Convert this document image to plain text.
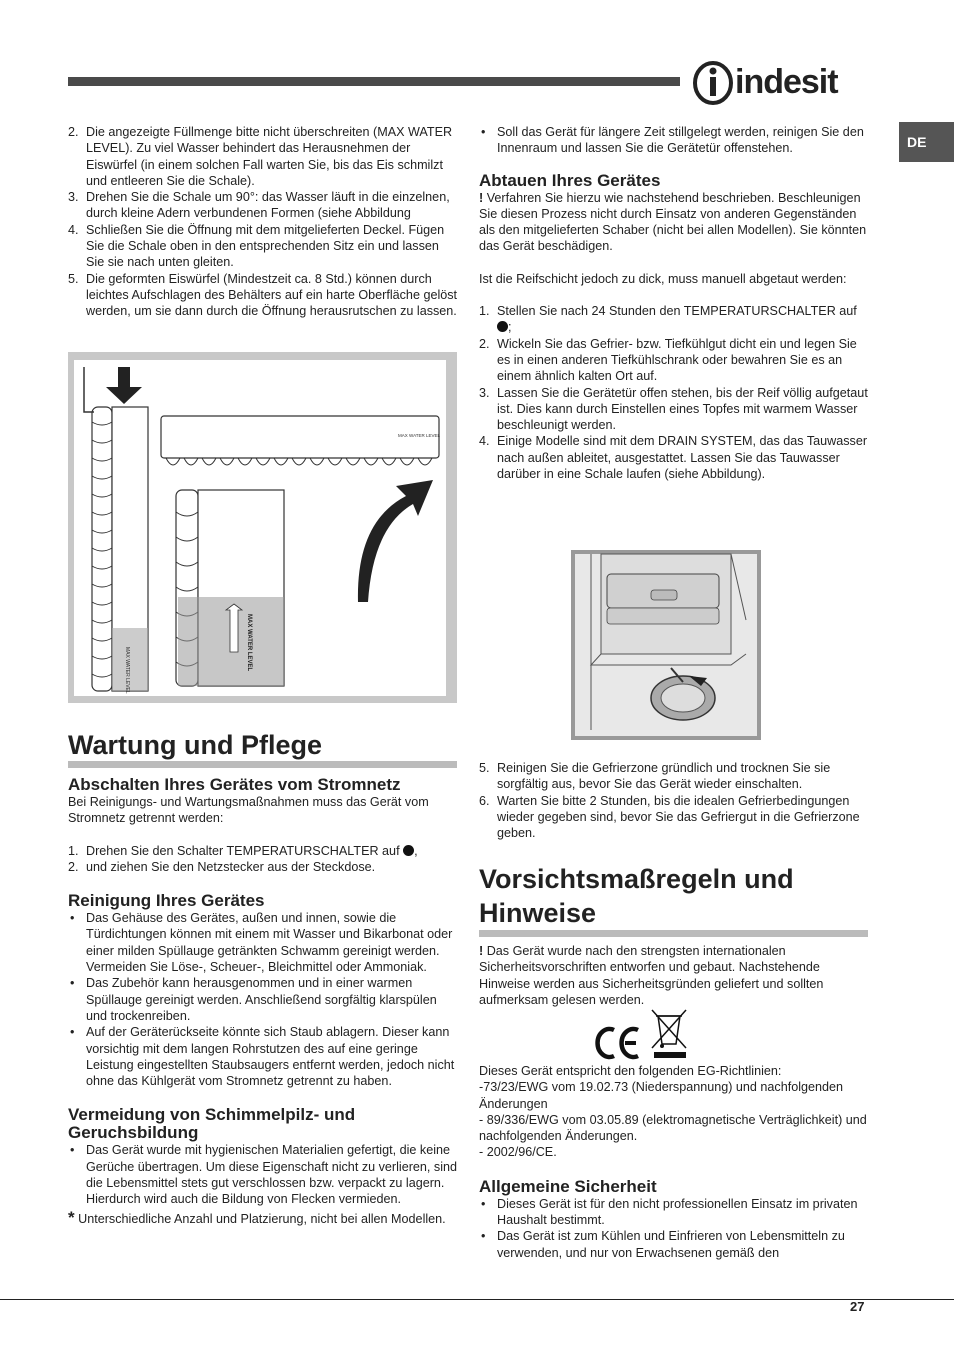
indesit
DE
2. Die angezeigte Füllmenge bitte nicht überschreiten (MAX WATER LEVEL). Zu viel Wasser behindert das Herausnehmen der Eiswürfel (in einem solchen Fall warten Sie, bis das Eis schmilzt und entleeren Sie die Schale).
3. Drehen Sie die Schale um 90°: das Wasser läuft in die einzelnen, durch kleine Adern verbundenen Formen (siehe Abbildung
4. Schließen Sie die Öffnung mit dem mitgelieferten Deckel. Fügen Sie die Schale oben in den entsprechenden Sitz ein und lassen Sie sie nach unten gleiten.
5. Die geformten Eiswürfel (Mindestzeit ca. 8 Std.) können durch leichtes Aufschlagen des Behälters auf ein harte Oberfläche gelöst werden, um sie dann durch die Öffnung herausrutschen zu lassen.
MAX WATER LEVEL
MAX WATER LEVEL
MAX WATER LEVEL
Wartung und Pflege
Abschalten Ihres Gerätes vom Stromnetz

Bei Reinigungs- und Wartungsmaßnahmen muss das Gerät vom Stromnetz getrennt werden:

1. Drehen Sie den Schalter TEMPERATURSCHALTER auf ,
2. und ziehen Sie den Netzstecker aus der Steckdose.
Reinigung Ihres Gerätes
• Das Gehäuse des Gerätes, außen und innen, sowie die Türdichtungen können mit einem mit Wasser und Bikarbonat oder einer milden Spüllauge getränkten Schwamm gereinigt werden. Vermeiden Sie Löse-, Scheuer-, Bleichmittel oder Ammoniak.
• Das Zubehör kann herausgenommen und in einer warmen Spüllauge gereinigt werden. Anschließend sorgfältig klarspülen und trockenreiben.
• Auf der Geräterückseite könnte sich Staub ablagern. Dieser kann vorsichtig mit dem langen Rohrstutzen des auf eine geringe Leistung eingestellten Staubsaugers entfernt werden, jedoch nicht ohne das Kühlgerät vom Stromnetz getrennt zu haben.
Vermeidung von Schimmelpilz- und Geruchsbildung
• Das Gerät wurde mit hygienischen Materialien gefertigt, die keine Gerüche übertragen. Um diese Eigenschaft nicht zu verlieren, sind die Lebensmittel stets gut verschlossen bzw. verpackt zu lagern. Hierdurch wird auch die Bildung von Flecken vermieden.

* Unterschiedliche Anzahl und Platzierung, nicht bei allen Modellen.

• Soll das Gerät für längere Zeit stillgelegt werden, reinigen Sie den Innenraum und lassen Sie die Gerätetür offenstehen.
Abtauen Ihres Gerätes

! Verfahren Sie hierzu wie nachstehend beschrieben. Beschleunigen Sie diesen Prozess nicht durch Einsatz von anderen Gegenständen als den mitgelieferten Schaber (nicht bei allen Modellen). Sie könnten das Gerät beschädigen.

Ist die Reifschicht jedoch zu dick, muss manuell abgetaut werden:

1. Stellen Sie nach 24 Stunden den TEMPERATURSCHALTER auf ;
2. Wickeln Sie das Gefrier- bzw. Tiefkühlgut dicht ein und legen Sie es in einen anderen Tiefkühlschrank oder bewahren Sie es an einem ähnlich kalten Ort auf.
3. Lassen Sie die Gerätetür offen stehen, bis der Reif völlig aufgetaut ist. Dies kann durch Einstellen eines Topfes mit warmem Wasser beschleunigt werden.
4. Einige Modelle sind mit dem DRAIN SYSTEM, das das Tauwasser nach außen ableitet, ausgestattet. Lassen Sie das Tauwasser darüber in eine Schale laufen (siehe Abbildung).
5. Reinigen Sie die Gefrierzone gründlich und trocknen Sie sie sorgfältig aus, bevor Sie das Gerät wieder einschalten.
6. Warten Sie bitte 2 Stunden, bis die idealen Gefrierbedingungen wieder gegeben sind, bevor Sie das Gefriergut in die Gefrierzone geben.
Vorsichtsmaßregeln und Hinweise

! Das Gerät wurde nach den strengsten internationalen Sicherheitsvorschriften entworfen und gebaut. Nachstehende Hinweise werden aus Sicherheitsgründen geliefert und sollten aufmerksam gelesen werden.

Dieses Gerät entspricht den folgenden EG-Richtlinien:

-73/23/EWG vom 19.02.73 (Niederspannung) und nachfolgenden Änderungen

- 89/336/EWG vom 03.05.89 (elektromagnetische Verträglichkeit) und nachfolgenden Änderungen.

- 2002/96/CE.

Allgemeine Sicherheit
• Dieses Gerät ist für den nicht professionellen Einsatz im privaten Haushalt bestimmt.
• Das Gerät ist zum Kühlen und Einfrieren von Lebensmitteln zu verwenden, und nur von Erwachsenen gemäß den
27
